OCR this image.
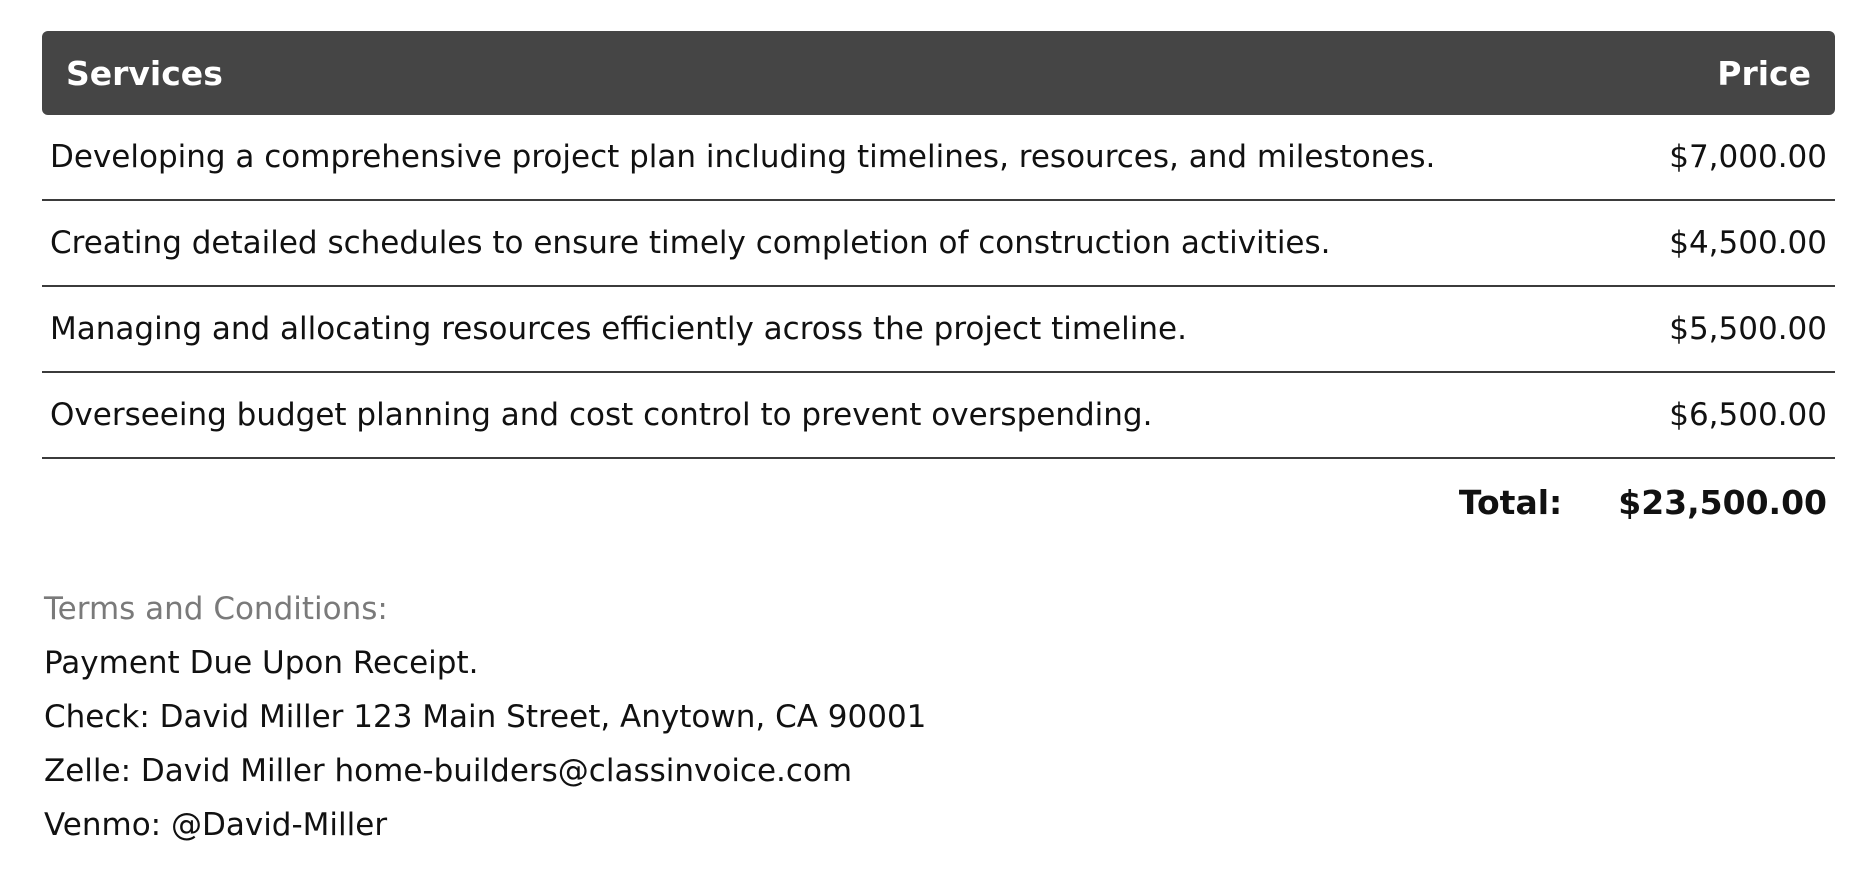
Services	Price
Developing a comprehensive project plan including timelines, resources, and milestones.	$7,000.00
Creating detailed schedules to ensure timely completion of construction activities.	$4,500.00
Managing and allocating resources efficiently across the project timeline.	$5,500.00
Overseeing budget planning and cost control to prevent overspending.	$6,500.00
Total: $23,500.00
Terms and Conditions:
Payment Due Upon Receipt.
Check: David Miller 123 Main Street, Anytown, CA 90001
Zelle: David Miller home-builders@classinvoice.com
Venmo: @David-Miller
